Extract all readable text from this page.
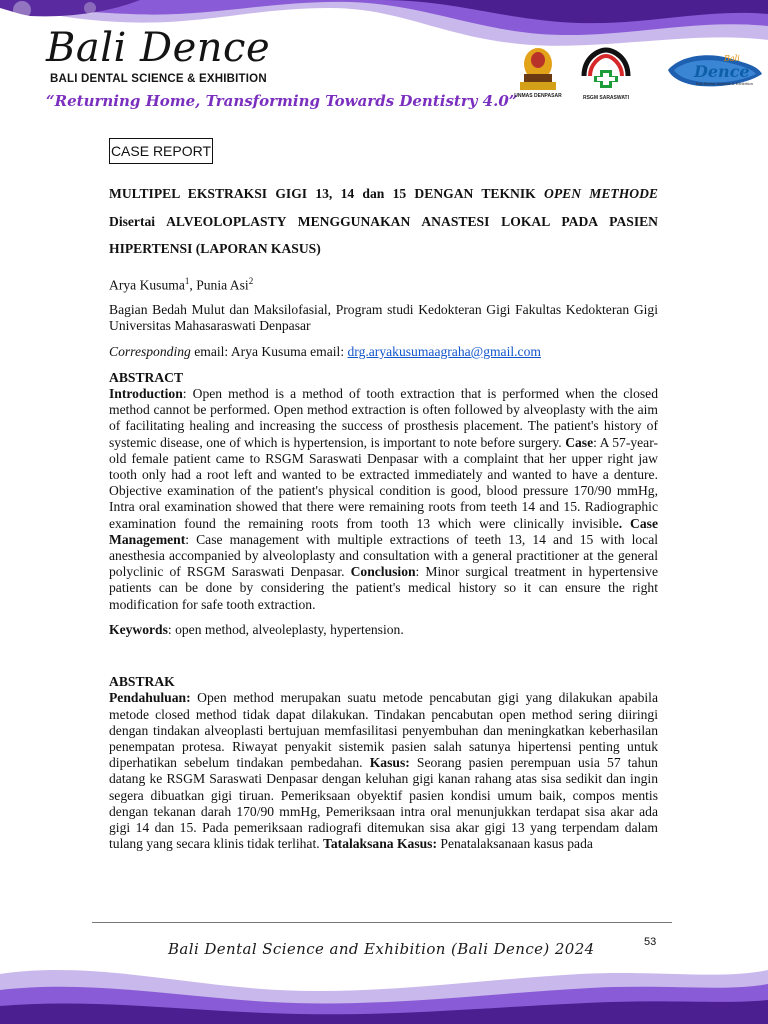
Bali Dence
BALI DENTAL SCIENCE & EXHIBITION
“Returning Home, Transforming Towards Dentistry 4.0”
UNMAS DENPASAR	RSGM SARASWATI
Bali
Dence
Bali Dental Science & Exhibition
CASE REPORT

MULTIPEL EKSTRAKSI GIGI 13, 14 dan 15 DENGAN TEKNIK OPEN METHODE Disertai ALVEOLOPLASTY MENGGUNAKAN ANASTESI LOKAL PADA PASIEN HIPERTENSI (LAPORAN KASUS)

Arya Kusuma$^1$, Punia Asi$^2$

Bagian Bedah Mulut dan Maksilofasial, Program studi Kedokteran Gigi Fakultas Kedokteran Gigi Universitas Mahasaraswati Denpasar

Corresponding email: Arya Kusuma email: drg.aryakusumaagraha@gmail.com

ABSTRACT

Introduction: Open method is a method of tooth extraction that is performed when the closed method cannot be performed. Open method extraction is often followed by alveoplasty with the aim of facilitating healing and increasing the success of prosthesis placement. The patient's history of systemic disease, one of which is hypertension, is important to note before surgery. Case: A 57-year-old female patient came to RSGM Saraswati Denpasar with a complaint that her upper right jaw tooth only had a root left and wanted to be extracted immediately and wanted to have a denture. Objective examination of the patient's physical condition is good, blood pressure 170/90 mmHg, Intra oral examination showed that there were remaining roots from teeth 14 and 15. Radiographic examination found the remaining roots from tooth 13 which were clinically invisible. Case Management: Case management with multiple extractions of teeth 13, 14 and 15 with local anesthesia accompanied by alveoloplasty and consultation with a general practitioner at the general polyclinic of RSGM Saraswati Denpasar. Conclusion: Minor surgical treatment in hypertensive patients can be done by considering the patient's medical history so it can ensure the right modification for safe tooth extraction.

Keywords: open method, alveoleplasty, hypertension.

ABSTRAK

Pendahuluan: Open method merupakan suatu metode pencabutan gigi yang dilakukan apabila metode closed method tidak dapat dilakukan. Tindakan pencabutan open method sering diiringi dengan tindakan alveoplasti bertujuan memfasilitasi penyembuhan dan meningkatkan keberhasilan penempatan protesa. Riwayat penyakit sistemik pasien salah satunya hipertensi penting untuk diperhatikan sebelum tindakan pembedahan. Kasus: Seorang pasien perempuan usia 57 tahun datang ke RSGM Saraswati Denpasar dengan keluhan gigi kanan rahang atas sisa sedikit dan ingin segera dibuatkan gigi tiruan. Pemeriksaan obyektif pasien kondisi umum baik, compos mentis dengan tekanan darah 170/90 mmHg, Pemeriksaan intra oral menunjukkan terdapat sisa akar ada gigi 14 dan 15. Pada pemeriksaan radiografi ditemukan sisa akar gigi 13 yang terpendam dalam tulang yang secara klinis tidak terlihat. Tatalaksana Kasus: Penatalaksanaan kasus pada

Bali Dental Science and Exhibition (Bali Dence) 2024	53
